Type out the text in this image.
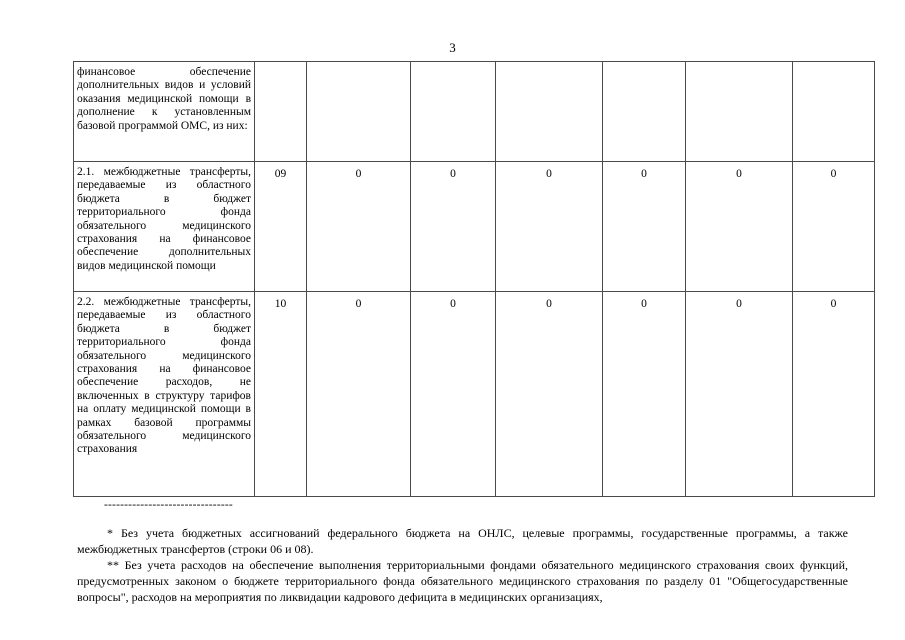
3
финансовое обеспечение дополнительных видов и условий оказания медицинской помощи в дополнение к установленным базовой программой ОМС, из них:							
2.1. межбюджетные трансферты, передаваемые из областного бюджета в бюджет территориального фонда обязательного медицинского страхования на финансовое обеспечение дополнительных видов медицинской помощи	09	0	0	0	0	0	0
2.2. межбюджетные трансферты, передаваемые из областного бюджета в бюджет территориального фонда обязательного медицинского страхования на финансовое обеспечение расходов, не включенных в структуру тарифов на оплату медицинской помощи в рамках базовой программы обязательного медицинского страхования	10	0	0	0	0	0	0
--------------------------------

* Без учета бюджетных ассигнований федерального бюджета на ОНЛС, целевые программы, государственные программы, а также межбюджетных трансфертов (строки 06 и 08).

** Без учета расходов на обеспечение выполнения территориальными фондами обязательного медицинского страхования своих функций, предусмотренных законом о бюджете территориального фонда обязательного медицинского страхования по разделу 01 "Общегосударственные вопросы", расходов на мероприятия по ликвидации кадрового дефицита в медицинских организациях,
